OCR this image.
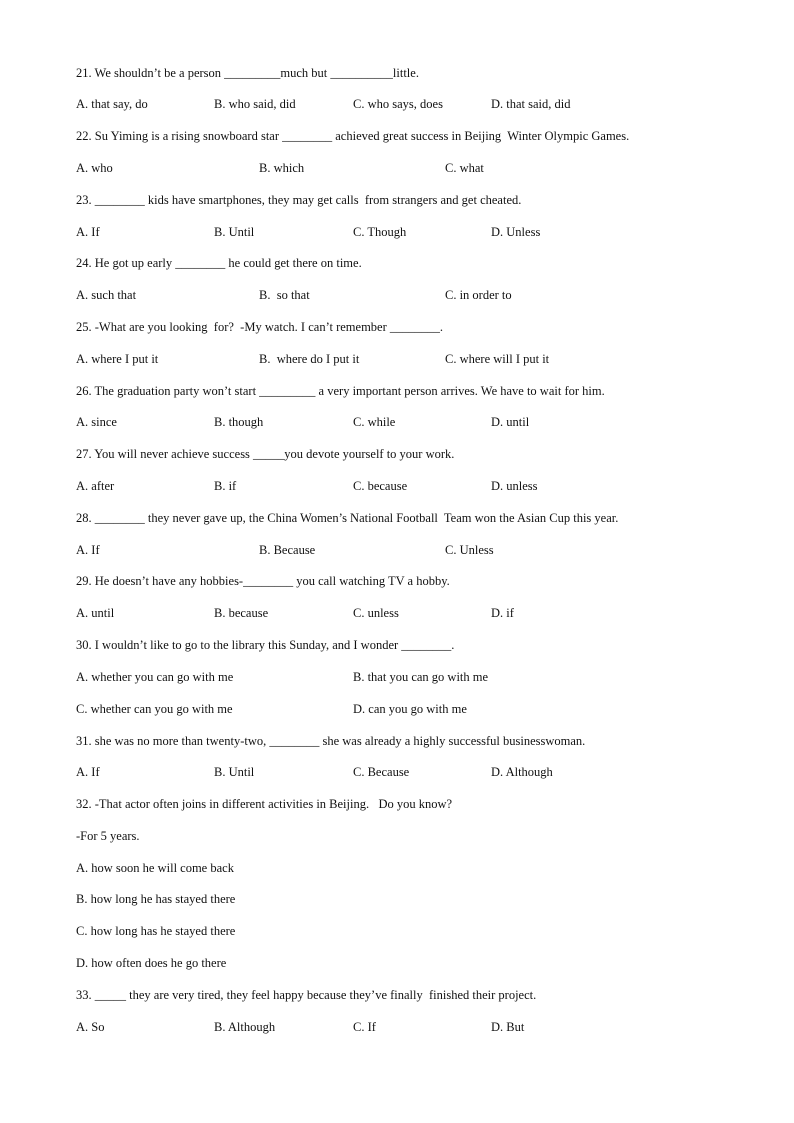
21. We shouldn’t be a person _________much but __________little.
A. that say, do	B. who said, did	C. who says, does	D. that said, did
22. Su Yiming is a rising snowboard star ________ achieved great success in Beijing  Winter Olympic Games.
A. who	B. which	C. what
23. ________ kids have smartphones, they may get calls  from strangers and get cheated.
A. If	B. Until	C. Though	D. Unless
24. He got up early ________ he could get there on time.
A. such that	B.  so that	C. in order to
25. -What are you looking  for?  -My watch. I can’t remember ________.
A. where I put it	B.  where do I put it	C. where will I put it
26. The graduation party won’t start _________ a very important person arrives. We have to wait for him.
A. since	B. though	C. while	D. until
27. You will never achieve success _____you devote yourself to your work.
A. after	B. if	C. because	D. unless
28. ________ they never gave up, the China Women’s National Football  Team won the Asian Cup this year.
A. If	B. Because	C. Unless
29. He doesn’t have any hobbies-________ you call watching TV a hobby.
A. until	B. because	C. unless	D. if
30. I wouldn’t like to go to the library this Sunday, and I wonder ________.
A. whether you can go with me	B. that you can go with me
C. whether can you go with me	D. can you go with me
31. she was no more than twenty-two, ________ she was already a highly successful businesswoman.
A. If	B. Until	C. Because	D. Although
32. -That actor often joins in different activities in Beijing.   Do you know?
-For 5 years.
A. how soon he will come back
B. how long he has stayed there
C. how long has he stayed there
D. how often does he go there
33. _____ they are very tired, they feel happy because they’ve finally  finished their project.
A. So	B. Although	C. If	D. But
